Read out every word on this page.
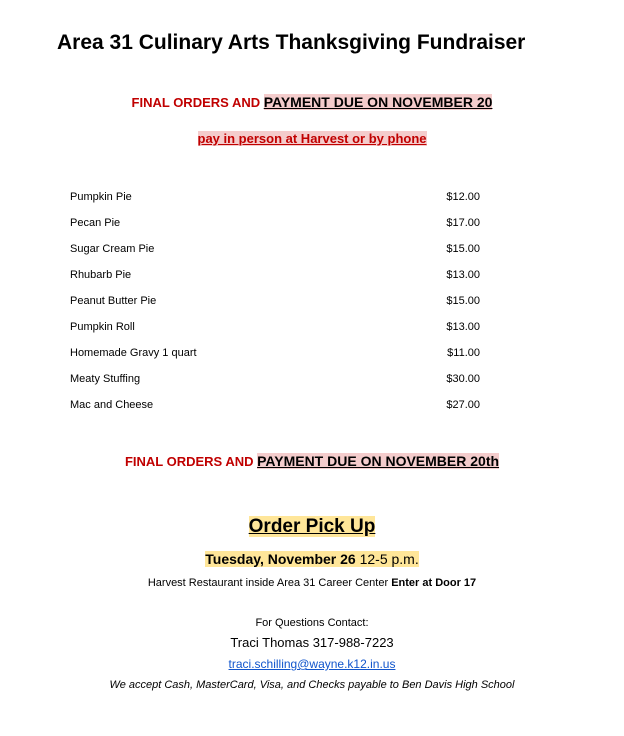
Area 31 Culinary Arts Thanksgiving Fundraiser
FINAL ORDERS AND PAYMENT DUE ON NOVEMBER 20
pay in person at Harvest or by phone
Pumpkin Pie	$12.00
Pecan Pie	$17.00
Sugar Cream Pie	$15.00
Rhubarb Pie	$13.00
Peanut Butter Pie	$15.00
Pumpkin Roll	$13.00
Homemade Gravy 1 quart	$11.00
Meaty Stuffing	$30.00
Mac and Cheese	$27.00
FINAL ORDERS AND PAYMENT DUE ON NOVEMBER 20th
Order Pick Up
Tuesday, November 26 12-5 p.m.
Harvest Restaurant inside Area 31 Career Center Enter at Door 17
For Questions Contact:
Traci Thomas 317-988-7223
traci.schilling@wayne.k12.in.us
We accept Cash, MasterCard, Visa, and Checks payable to Ben Davis High School
